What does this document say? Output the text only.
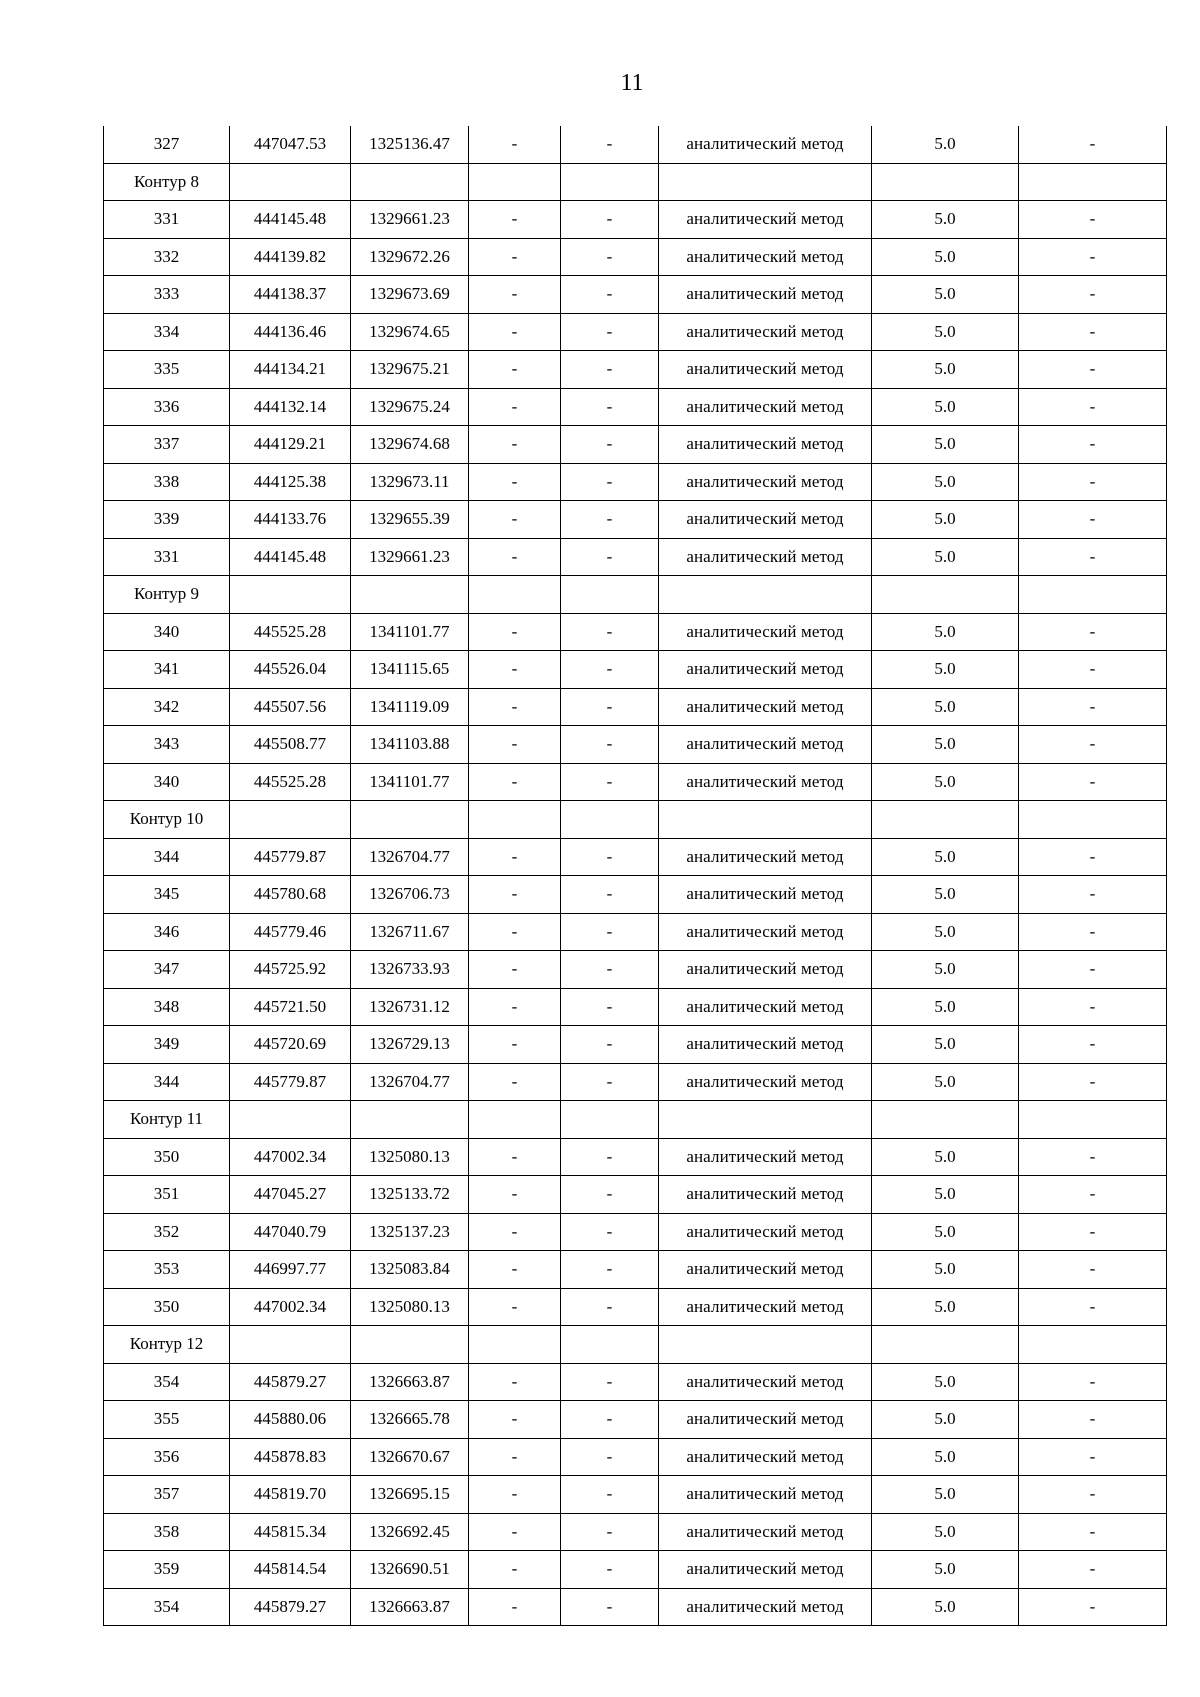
11
327	447047.53	1325136.47	-	-	аналитический метод	5.0	-
Контур 8							
331	444145.48	1329661.23	-	-	аналитический метод	5.0	-
332	444139.82	1329672.26	-	-	аналитический метод	5.0	-
333	444138.37	1329673.69	-	-	аналитический метод	5.0	-
334	444136.46	1329674.65	-	-	аналитический метод	5.0	-
335	444134.21	1329675.21	-	-	аналитический метод	5.0	-
336	444132.14	1329675.24	-	-	аналитический метод	5.0	-
337	444129.21	1329674.68	-	-	аналитический метод	5.0	-
338	444125.38	1329673.11	-	-	аналитический метод	5.0	-
339	444133.76	1329655.39	-	-	аналитический метод	5.0	-
331	444145.48	1329661.23	-	-	аналитический метод	5.0	-
Контур 9							
340	445525.28	1341101.77	-	-	аналитический метод	5.0	-
341	445526.04	1341115.65	-	-	аналитический метод	5.0	-
342	445507.56	1341119.09	-	-	аналитический метод	5.0	-
343	445508.77	1341103.88	-	-	аналитический метод	5.0	-
340	445525.28	1341101.77	-	-	аналитический метод	5.0	-
Контур 10							
344	445779.87	1326704.77	-	-	аналитический метод	5.0	-
345	445780.68	1326706.73	-	-	аналитический метод	5.0	-
346	445779.46	1326711.67	-	-	аналитический метод	5.0	-
347	445725.92	1326733.93	-	-	аналитический метод	5.0	-
348	445721.50	1326731.12	-	-	аналитический метод	5.0	-
349	445720.69	1326729.13	-	-	аналитический метод	5.0	-
344	445779.87	1326704.77	-	-	аналитический метод	5.0	-
Контур 11							
350	447002.34	1325080.13	-	-	аналитический метод	5.0	-
351	447045.27	1325133.72	-	-	аналитический метод	5.0	-
352	447040.79	1325137.23	-	-	аналитический метод	5.0	-
353	446997.77	1325083.84	-	-	аналитический метод	5.0	-
350	447002.34	1325080.13	-	-	аналитический метод	5.0	-
Контур 12							
354	445879.27	1326663.87	-	-	аналитический метод	5.0	-
355	445880.06	1326665.78	-	-	аналитический метод	5.0	-
356	445878.83	1326670.67	-	-	аналитический метод	5.0	-
357	445819.70	1326695.15	-	-	аналитический метод	5.0	-
358	445815.34	1326692.45	-	-	аналитический метод	5.0	-
359	445814.54	1326690.51	-	-	аналитический метод	5.0	-
354	445879.27	1326663.87	-	-	аналитический метод	5.0	-
